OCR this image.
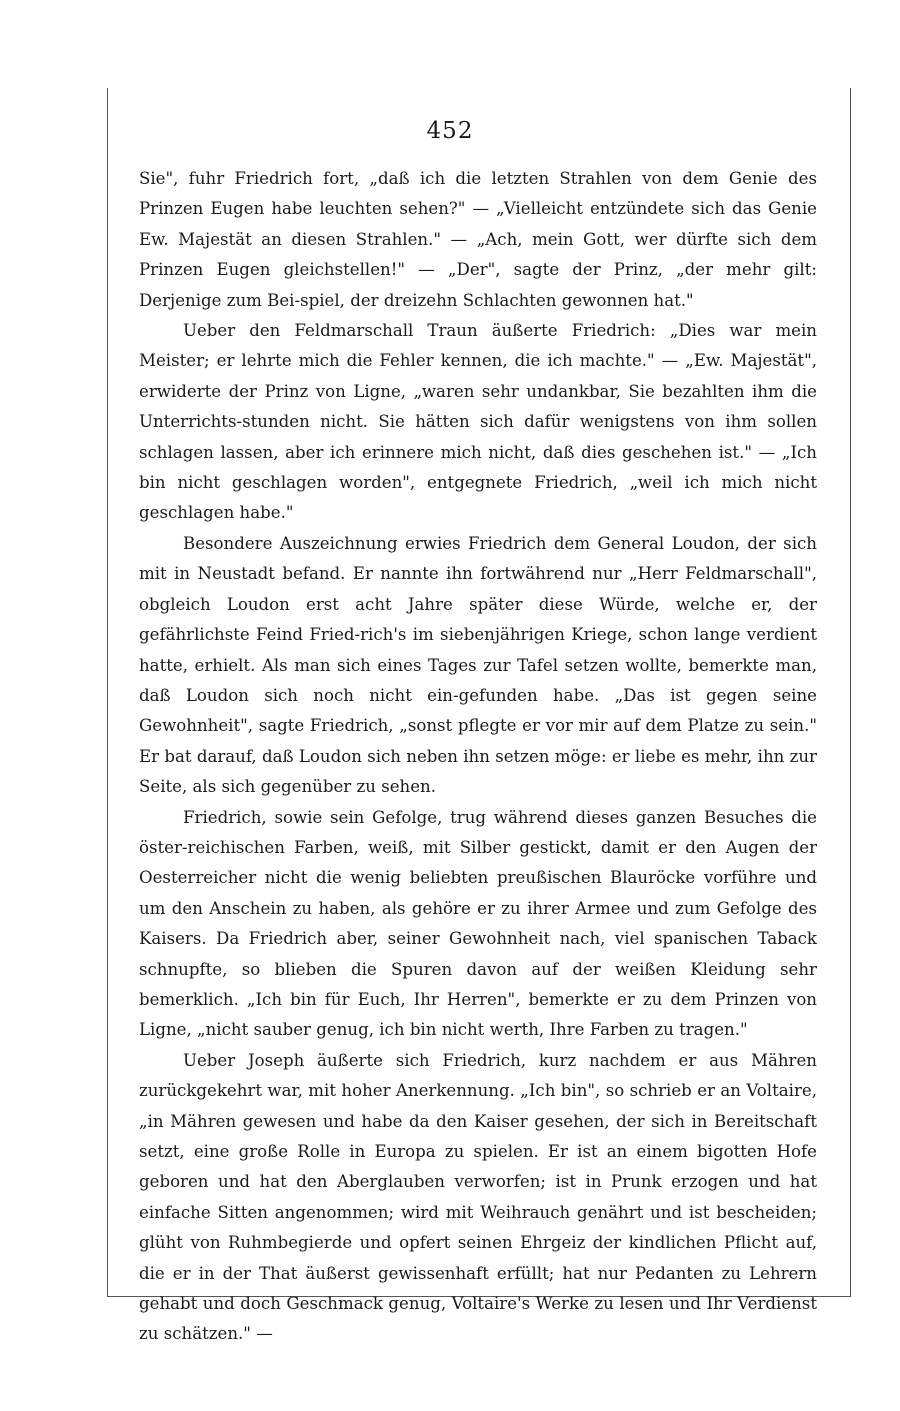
452

Sie", fuhr Friedrich fort, „daß ich die letzten Strahlen von dem Genie des Prinzen Eugen habe leuchten sehen?" — „Vielleicht entzündete sich das Genie Ew. Majestät an diesen Strahlen." — „Ach, mein Gott, wer dürfte sich dem Prinzen Eugen gleichstellen!" — „Der", sagte der Prinz, „der mehr gilt: Derjenige zum Bei-spiel, der dreizehn Schlachten gewonnen hat."

Ueber den Feldmarschall Traun äußerte Friedrich: „Dies war mein Meister; er lehrte mich die Fehler kennen, die ich machte." — „Ew. Majestät", erwiderte der Prinz von Ligne, „waren sehr undankbar, Sie bezahlten ihm die Unterrichts-stunden nicht. Sie hätten sich dafür wenigstens von ihm sollen schlagen lassen, aber ich erinnere mich nicht, daß dies geschehen ist." — „Ich bin nicht geschlagen worden", entgegnete Friedrich, „weil ich mich nicht geschlagen habe."

Besondere Auszeichnung erwies Friedrich dem General Loudon, der sich mit in Neustadt befand. Er nannte ihn fortwährend nur „Herr Feldmarschall", obgleich Loudon erst acht Jahre später diese Würde, welche er, der gefährlichste Feind Fried-rich's im siebenjährigen Kriege, schon lange verdient hatte, erhielt. Als man sich eines Tages zur Tafel setzen wollte, bemerkte man, daß Loudon sich noch nicht ein-gefunden habe. „Das ist gegen seine Gewohnheit", sagte Friedrich, „sonst pflegte er vor mir auf dem Platze zu sein." Er bat darauf, daß Loudon sich neben ihn setzen möge: er liebe es mehr, ihn zur Seite, als sich gegenüber zu sehen.

Friedrich, sowie sein Gefolge, trug während dieses ganzen Besuches die öster-reichischen Farben, weiß, mit Silber gestickt, damit er den Augen der Oesterreicher nicht die wenig beliebten preußischen Blauröcke vorführe und um den Anschein zu haben, als gehöre er zu ihrer Armee und zum Gefolge des Kaisers. Da Friedrich aber, seiner Gewohnheit nach, viel spanischen Taback schnupfte, so blieben die Spuren davon auf der weißen Kleidung sehr bemerklich. „Ich bin für Euch, Ihr Herren", bemerkte er zu dem Prinzen von Ligne, „nicht sauber genug, ich bin nicht werth, Ihre Farben zu tragen."

Ueber Joseph äußerte sich Friedrich, kurz nachdem er aus Mähren zurückgekehrt war, mit hoher Anerkennung. „Ich bin", so schrieb er an Voltaire, „in Mähren gewesen und habe da den Kaiser gesehen, der sich in Bereitschaft setzt, eine große Rolle in Europa zu spielen. Er ist an einem bigotten Hofe geboren und hat den Aberglauben verworfen; ist in Prunk erzogen und hat einfache Sitten angenommen; wird mit Weihrauch genährt und ist bescheiden; glüht von Ruhmbegierde und opfert seinen Ehrgeiz der kindlichen Pflicht auf, die er in der That äußerst gewissenhaft erfüllt; hat nur Pedanten zu Lehrern gehabt und doch Geschmack genug, Voltaire's Werke zu lesen und Ihr Verdienst zu schätzen." —
